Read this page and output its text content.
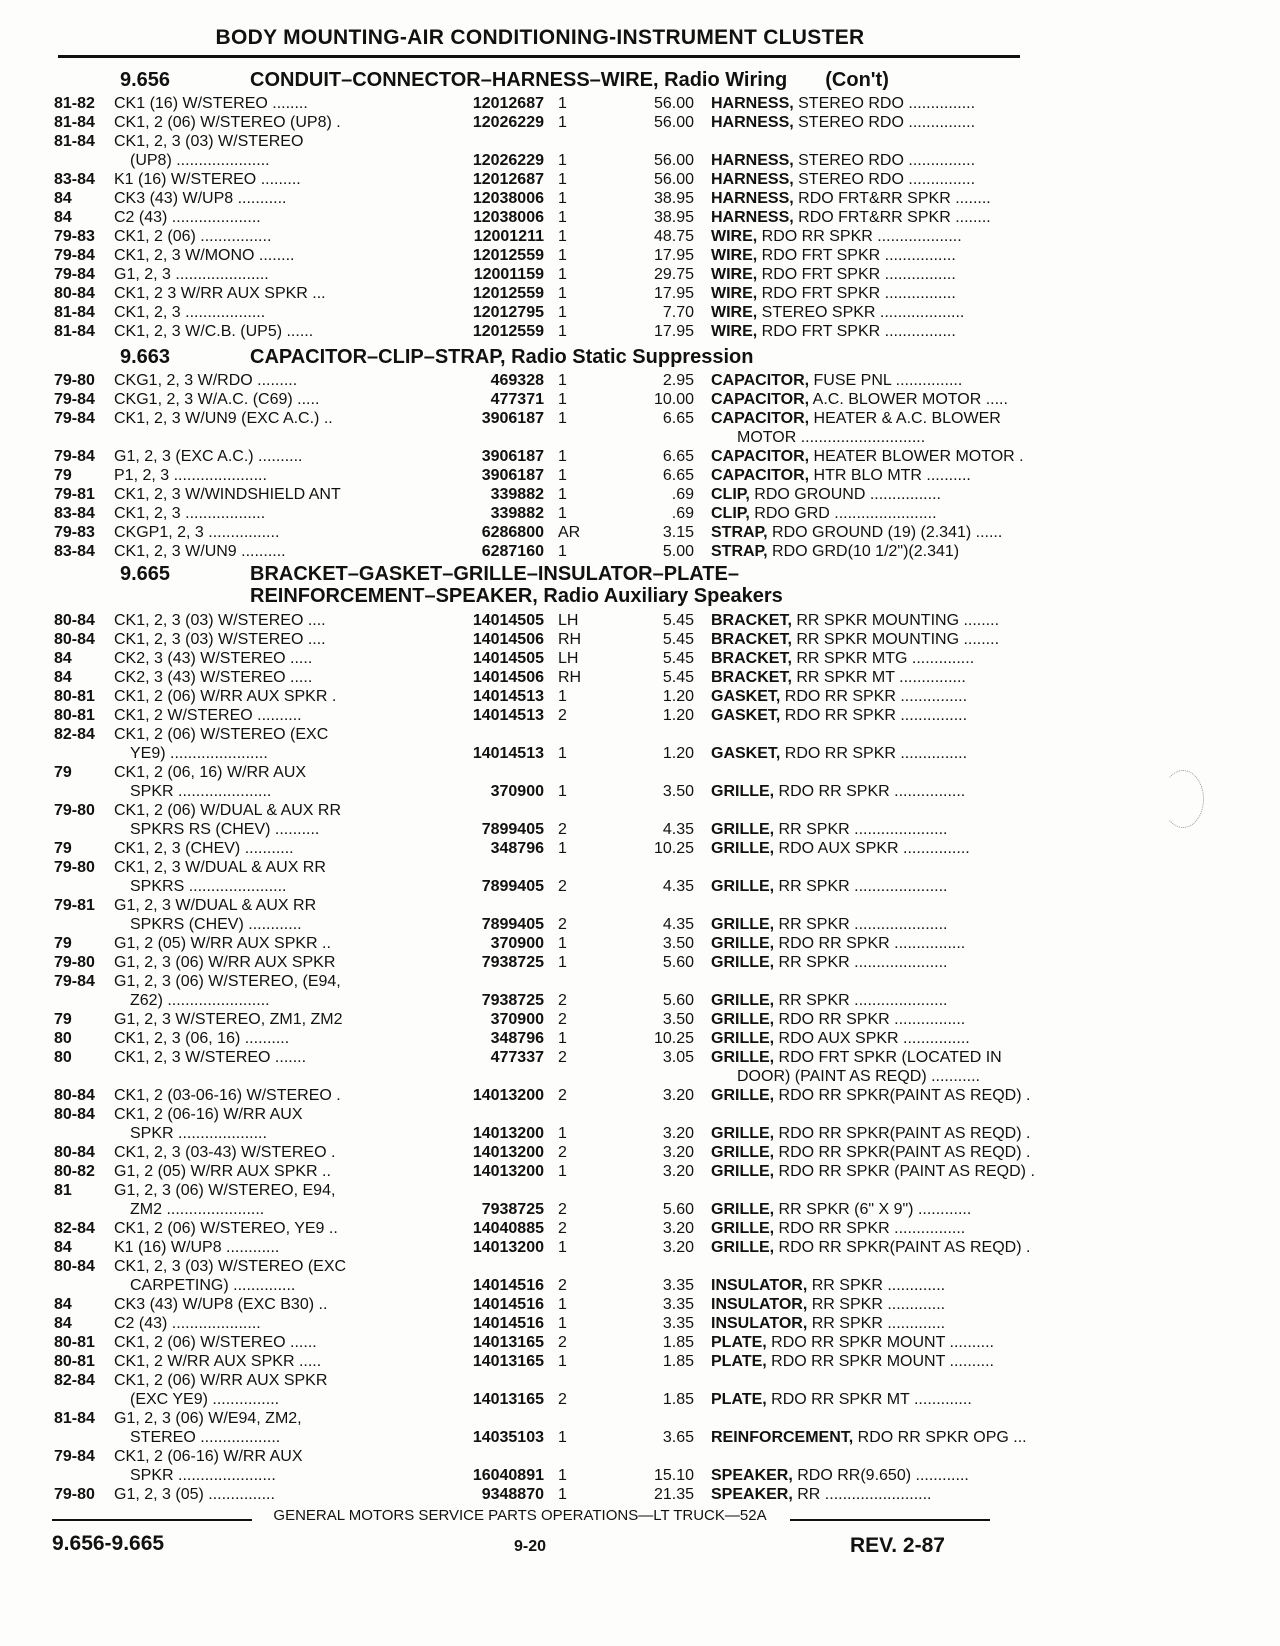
BODY MOUNTING-AIR CONDITIONING-INSTRUMENT CLUSTER
9.656	CONDUIT–CONNECTOR–HARNESS–WIRE, Radio Wiring (Con't)
81-82	CK1 (16) W/STEREO ........	12012687 1	56.00 HARNESS, STEREO RDO ...............
81-84	CK1, 2 (06) W/STEREO (UP8) .	12026229 1	56.00 HARNESS, STEREO RDO ...............
81-84	CK1, 2, 3 (03) W/STEREO
(UP8) .....................	12026229 1	56.00 HARNESS, STEREO RDO ...............
83-84	K1 (16) W/STEREO .........	12012687 1	56.00 HARNESS, STEREO RDO ...............
84	CK3 (43) W/UP8 ...........	12038006 1	38.95 HARNESS, RDO FRT&RR SPKR ........
84	C2 (43) ....................	12038006 1	38.95 HARNESS, RDO FRT&RR SPKR ........
79-83	CK1, 2 (06) ................	12001211 1	48.75 WIRE, RDO RR SPKR ...................
79-84	CK1, 2, 3 W/MONO ........	12012559 1	17.95 WIRE, RDO FRT SPKR ................
79-84	G1, 2, 3 .....................	12001159 1	29.75 WIRE, RDO FRT SPKR ................
80-84	CK1, 2 3 W/RR AUX SPKR ...	12012559 1	17.95 WIRE, RDO FRT SPKR ................
81-84	CK1, 2, 3 ..................	12012795 1	7.70 WIRE, STEREO SPKR ...................
81-84	CK1, 2, 3 W/C.B. (UP5) ......	12012559 1	17.95 WIRE, RDO FRT SPKR ................
9.663	CAPACITOR–CLIP–STRAP, Radio Static Suppression
79-80	CKG1, 2, 3 W/RDO .........	469328 1	2.95 CAPACITOR, FUSE PNL ...............
79-84	CKG1, 2, 3 W/A.C. (C69) .....	477371 1	10.00 CAPACITOR, A.C. BLOWER MOTOR .....
79-84	CK1, 2, 3 W/UN9 (EXC A.C.) ..	3906187 1	6.65 CAPACITOR, HEATER & A.C. BLOWER
MOTOR ............................
79-84	G1, 2, 3 (EXC A.C.) ..........	3906187 1	6.65 CAPACITOR, HEATER BLOWER MOTOR .
79	P1, 2, 3 .....................	3906187 1	6.65 CAPACITOR, HTR BLO MTR ..........
79-81	CK1, 2, 3 W/WINDSHIELD ANT	339882 1	.69 CLIP, RDO GROUND ................
83-84	CK1, 2, 3 ..................	339882 1	.69 CLIP, RDO GRD .......................
79-83	CKGP1, 2, 3 ................	6286800 AR	3.15 STRAP, RDO GROUND (19) (2.341) ......
83-84	CK1, 2, 3 W/UN9 ..........	6287160 1	5.00 STRAP, RDO GRD(10 1/2")(2.341)
9.665	BRACKET–GASKET–GRILLE–INSULATOR–PLATE–
REINFORCEMENT–SPEAKER, Radio Auxiliary Speakers
80-84	CK1, 2, 3 (03) W/STEREO ....	14014505 LH	5.45 BRACKET, RR SPKR MOUNTING ........
80-84	CK1, 2, 3 (03) W/STEREO ....	14014506 RH	5.45 BRACKET, RR SPKR MOUNTING ........
84	CK2, 3 (43) W/STEREO .....	14014505 LH	5.45 BRACKET, RR SPKR MTG ..............
84	CK2, 3 (43) W/STEREO .....	14014506 RH	5.45 BRACKET, RR SPKR MT ...............
80-81	CK1, 2 (06) W/RR AUX SPKR .	14014513 1	1.20 GASKET, RDO RR SPKR ...............
80-81	CK1, 2 W/STEREO ..........	14014513 2	1.20 GASKET, RDO RR SPKR ...............
82-84	CK1, 2 (06) W/STEREO (EXC
YE9) ......................	14014513 1	1.20 GASKET, RDO RR SPKR ...............
79	CK1, 2 (06, 16) W/RR AUX
SPKR .....................	370900 1	3.50 GRILLE, RDO RR SPKR ................
79-80	CK1, 2 (06) W/DUAL & AUX RR
SPKRS RS (CHEV) ..........	7899405 2	4.35 GRILLE, RR SPKR .....................
79	CK1, 2, 3 (CHEV) ...........	348796 1	10.25 GRILLE, RDO AUX SPKR ...............
79-80	CK1, 2, 3 W/DUAL & AUX RR
SPKRS ......................	7899405 2	4.35 GRILLE, RR SPKR .....................
79-81	G1, 2, 3 W/DUAL & AUX RR
SPKRS (CHEV) ............	7899405 2	4.35 GRILLE, RR SPKR .....................
79	G1, 2 (05) W/RR AUX SPKR ..	370900 1	3.50 GRILLE, RDO RR SPKR ................
79-80	G1, 2, 3 (06) W/RR AUX SPKR	7938725 1	5.60 GRILLE, RR SPKR .....................
79-84	G1, 2, 3 (06) W/STEREO, (E94,
Z62) .......................	7938725 2	5.60 GRILLE, RR SPKR .....................
79	G1, 2, 3 W/STEREO, ZM1, ZM2	370900 2	3.50 GRILLE, RDO RR SPKR ................
80	CK1, 2, 3 (06, 16) ..........	348796 1	10.25 GRILLE, RDO AUX SPKR ...............
80	CK1, 2, 3 W/STEREO .......	477337 2	3.05 GRILLE, RDO FRT SPKR (LOCATED IN
DOOR) (PAINT AS REQD) ...........
80-84	CK1, 2 (03-06-16) W/STEREO .	14013200 2	3.20 GRILLE, RDO RR SPKR(PAINT AS REQD) .
80-84	CK1, 2 (06-16) W/RR AUX
SPKR ....................	14013200 1	3.20 GRILLE, RDO RR SPKR(PAINT AS REQD) .
80-84	CK1, 2, 3 (03-43) W/STEREO .	14013200 2	3.20 GRILLE, RDO RR SPKR(PAINT AS REQD) .
80-82	G1, 2 (05) W/RR AUX SPKR ..	14013200 1	3.20 GRILLE, RDO RR SPKR (PAINT AS REQD) .
81	G1, 2, 3 (06) W/STEREO, E94,
ZM2 ......................	7938725 2	5.60 GRILLE, RR SPKR (6" X 9") ............
82-84	CK1, 2 (06) W/STEREO, YE9 ..	14040885 2	3.20 GRILLE, RDO RR SPKR ................
84	K1 (16) W/UP8 ............	14013200 1	3.20 GRILLE, RDO RR SPKR(PAINT AS REQD) .
80-84	CK1, 2, 3 (03) W/STEREO (EXC
CARPETING) ..............	14014516 2	3.35 INSULATOR, RR SPKR .............
84	CK3 (43) W/UP8 (EXC B30) ..	14014516 1	3.35 INSULATOR, RR SPKR .............
84	C2 (43) ....................	14014516 1	3.35 INSULATOR, RR SPKR .............
80-81	CK1, 2 (06) W/STEREO ......	14013165 2	1.85 PLATE, RDO RR SPKR MOUNT ..........
80-81	CK1, 2 W/RR AUX SPKR .....	14013165 1	1.85 PLATE, RDO RR SPKR MOUNT ..........
82-84	CK1, 2 (06) W/RR AUX SPKR
(EXC YE9) ...............	14013165 2	1.85 PLATE, RDO RR SPKR MT .............
81-84	G1, 2, 3 (06) W/E94, ZM2,
STEREO ..................	14035103 1	3.65 REINFORCEMENT, RDO RR SPKR OPG ...
79-84	CK1, 2 (06-16) W/RR AUX
SPKR ......................	16040891 1	15.10 SPEAKER, RDO RR(9.650) ............
79-80	G1, 2, 3 (05) ...............	9348870 1	21.35 SPEAKER, RR ........................
GENERAL MOTORS SERVICE PARTS OPERATIONS—LT TRUCK—52A
9.656-9.665	9-20	REV. 2-87
